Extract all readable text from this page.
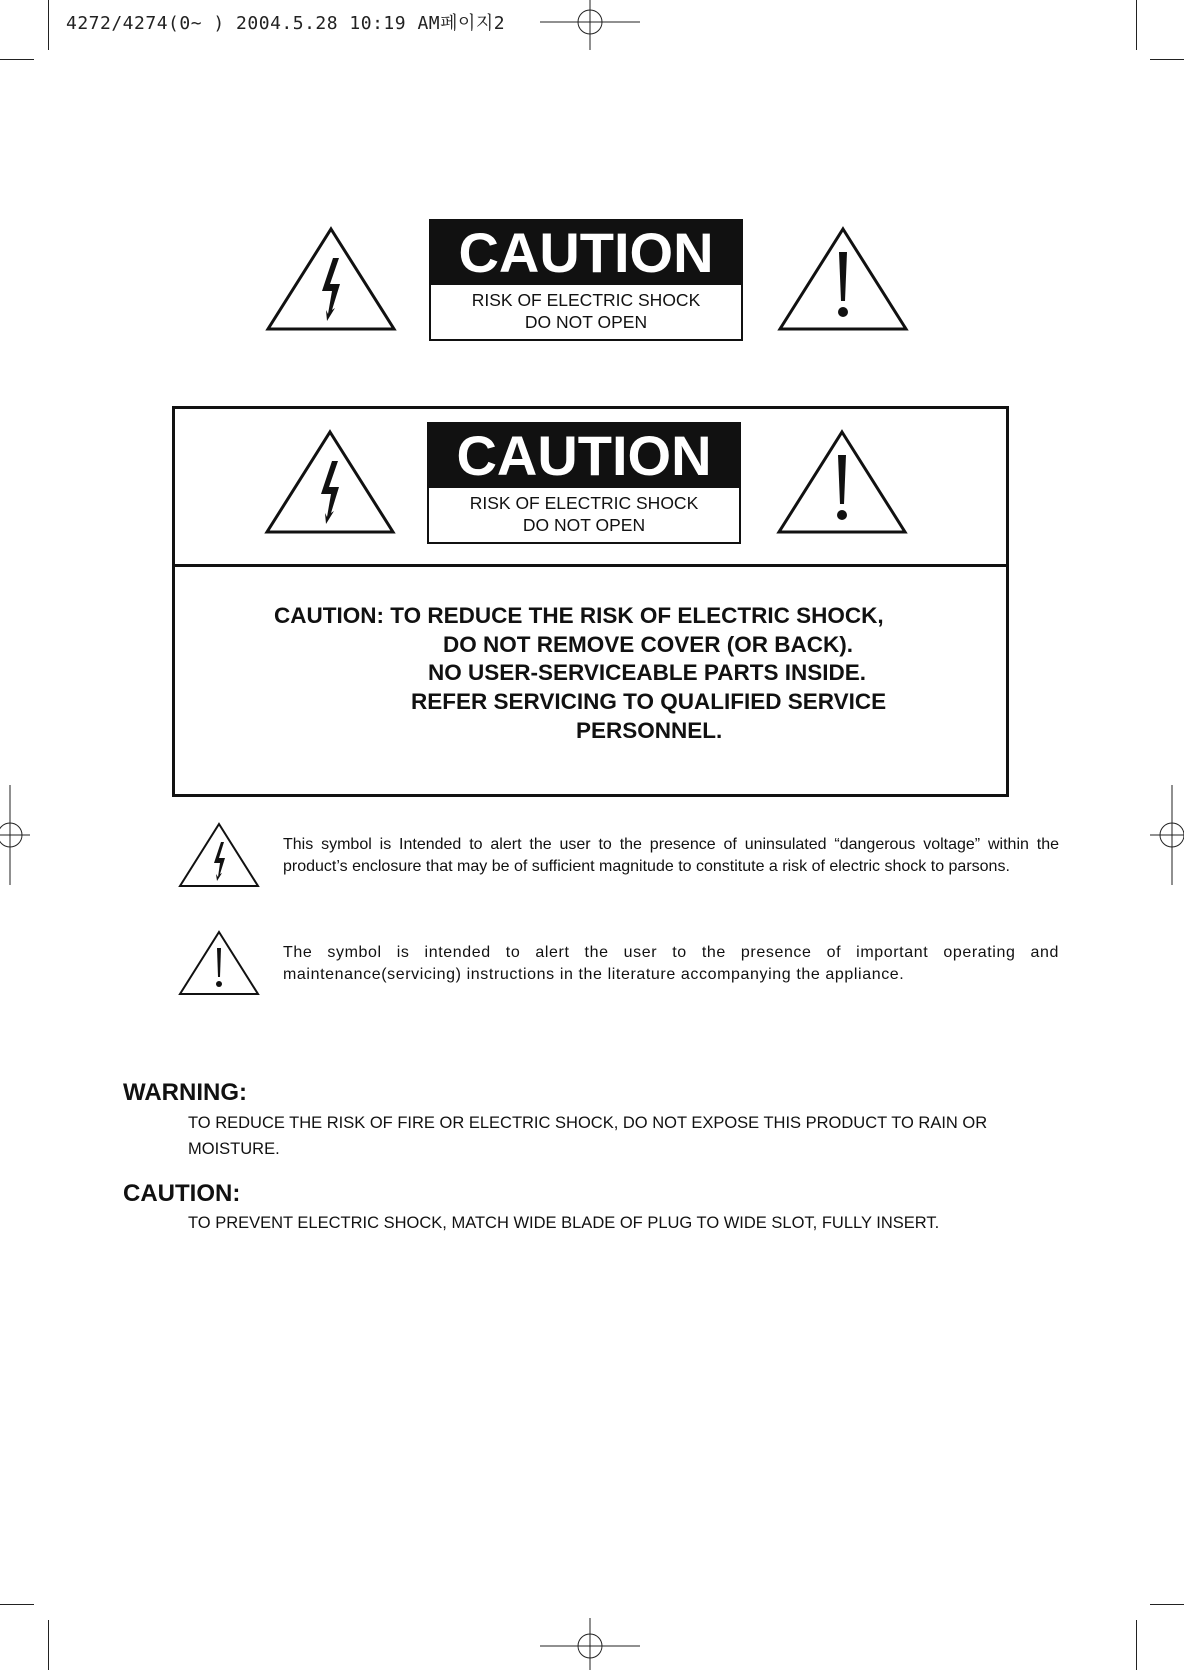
4272/4274(0~ ) 2004.5.28 10:19 AM페이지2
CAUTION
RISK OF ELECTRIC SHOCK
DO NOT OPEN
CAUTION
RISK OF ELECTRIC SHOCK
DO NOT OPEN
CAUTION: TO REDUCE THE RISK OF ELECTRIC SHOCK,
DO NOT REMOVE COVER (OR BACK).
NO USER-SERVICEABLE PARTS INSIDE.
REFER SERVICING TO QUALIFIED SERVICE
PERSONNEL.
This symbol is Intended to alert the user to the presence of uninsulated “dangerous voltage” within the product’s enclosure that may be of sufficient magnitude to constitute a risk of electric shock to parsons.
The symbol is intended to alert the user to the presence of important operating and maintenance(servicing) instructions in the literature accompanying the appliance.
WARNING:
TO REDUCE THE RISK OF FIRE OR ELECTRIC SHOCK, DO NOT EXPOSE THIS PRODUCT TO RAIN OR MOISTURE.
CAUTION:
TO PREVENT ELECTRIC SHOCK, MATCH WIDE BLADE OF PLUG TO WIDE SLOT, FULLY INSERT.
